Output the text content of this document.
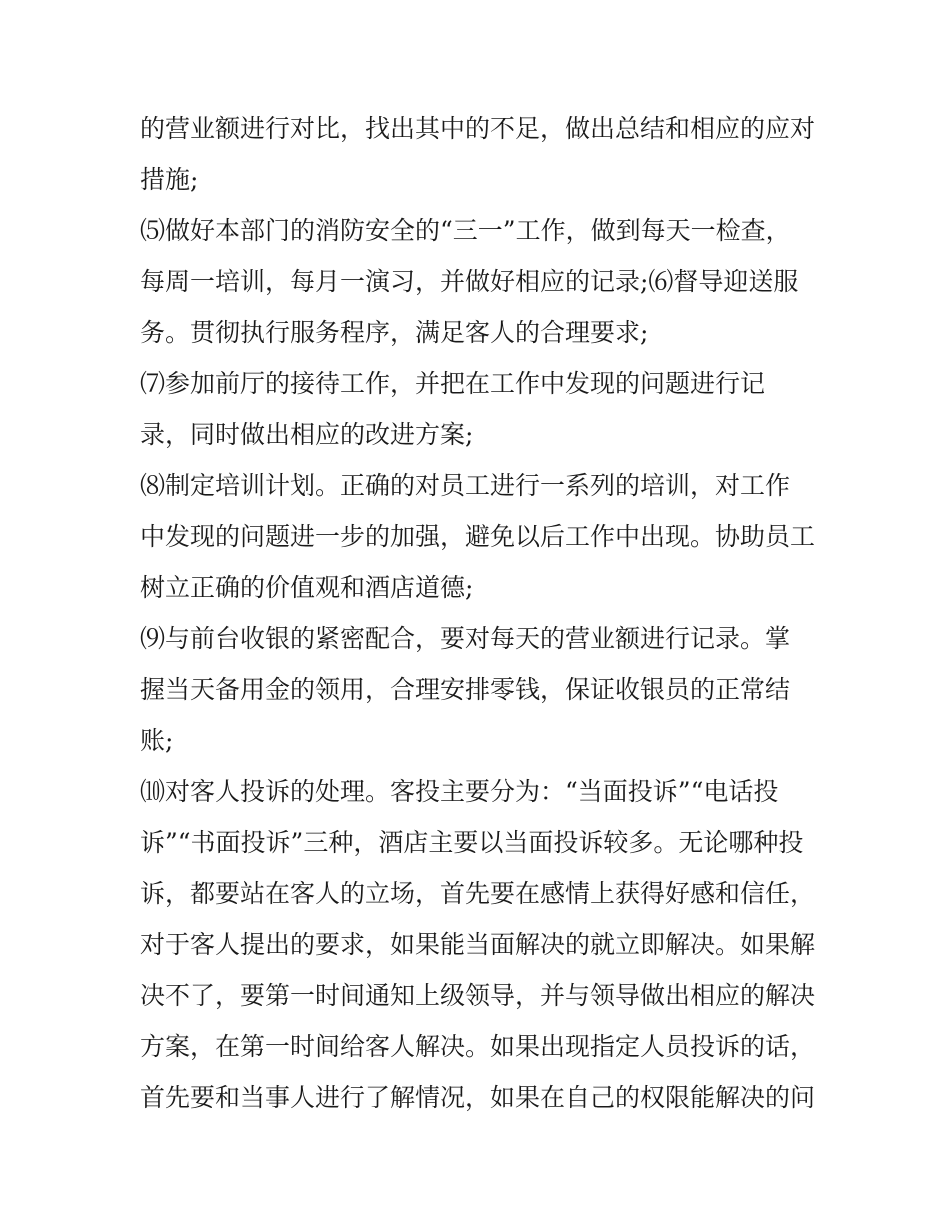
的营业额进行对比，找出其中的不足，做出总结和相应的应对
措施;
⑸做好本部门的消防安全的“三一”工作，做到每天一检查，
每周一培训，每月一演习，并做好相应的记录;⑹督导迎送服
务。贯彻执行服务程序，满足客人的合理要求;
⑺参加前厅的接待工作，并把在工作中发现的问题进行记
录，同时做出相应的改进方案;
⑻制定培训计划。正确的对员工进行一系列的培训，对工作
中发现的问题进一步的加强，避免以后工作中出现。协助员工
树立正确的价值观和酒店道德;
⑼与前台收银的紧密配合，要对每天的营业额进行记录。掌
握当天备用金的领用，合理安排零钱，保证收银员的正常结
账;
⑽对客人投诉的处理。客投主要分为：“当面投诉”“电话投
诉”“书面投诉”三种，酒店主要以当面投诉较多。无论哪种投
诉，都要站在客人的立场，首先要在感情上获得好感和信任，
对于客人提出的要求，如果能当面解决的就立即解决。如果解
决不了，要第一时间通知上级领导，并与领导做出相应的解决
方案，在第一时间给客人解决。如果出现指定人员投诉的话，
首先要和当事人进行了解情况，如果在自己的权限能解决的问
